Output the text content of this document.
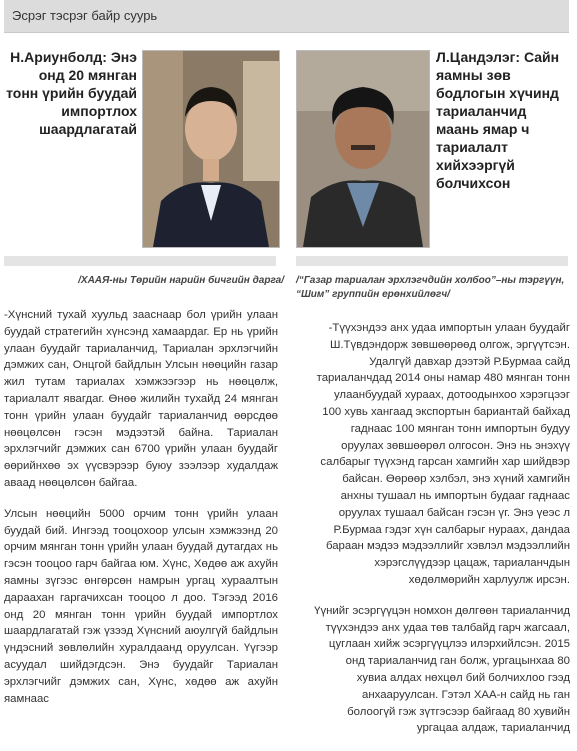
Эсрэг тэсрэг байр суурь
Н.Ариунболд: Энэ онд 20 мянган тонн үрийн буудай импортлох шаардлагатай
/ХААЯ-ны Төрийн нарийн бичгийн дарга/

-Хүнсний тухай хуульд зааснаар бол үрийн улаан буудай стратегийн хүнсэнд хамаардаг. Ер нь үрийн улаан буудайг тариаланчид, Тариалан эрхлэгчийн дэмжих сан, Онцгой байдлын Улсын нөөцийн газар жил тутам тариалах хэмжээгээр нь нөөцөлж, тариалалт явагдаг. Өнөө жилийн тухайд 24 мянган тонн үрийн улаан буудайг тариаланчид өөрсдөө нөөцөлсөн гэсэн мэдээтэй байна. Тариалан эрхлэгчийг дэмжих сан 6700 үрийн улаан буудайг өөрийнхөө эх үүсвэрээр буюу зээлээр худалдаж аваад нөөцөлсөн байгаа.

Улсын нөөцийн 5000 орчим тонн үрийн улаан буудай бий. Ингээд тооцохоор улсын хэмжээнд 20 орчим мянган тонн үрийн улаан буудай дутагдах нь гэсэн тооцоо гарч байгаа юм. Хүнс, Хөдөө аж ахуйн яамны зүгээс өнгөрсөн намрын ургац хураалтын дараахан гаргачихсан тооцоо л доо. Тэгээд 2016 онд 20 мянган тонн үрийн буудай импортлох шаардлагатай гэж үзээд Хүнсний аюулгүй байдлын үндэсний зөвлөлийн хуралдаанд оруулсан. Үүгээр асуудал шийдэгдсэн. Энэ буудайг Тариалан эрхлэгчийг дэмжих сан, Хүнс, хөдөө аж ахуйн яамнаас

Л.Цандэлэг: Сайн яамны зөв бодлогын хүчинд тариаланчид маань ямар ч тариалалт хийхээргүй болчихсон
/“Газар тариалан эрхлэгчдийн холбоо”–ны тэргүүн, “Шим” группийн ерөнхийлөгч/

-Түүхэндээ анх удаа импортын улаан буудайг Ш.Түвдэндорж зөвшөөрөөд олгож, эргүүтсэн. Удалгүй давхар дээтэй Р.Бурмаа сайд тариаланчдад 2014 оны намар 480 мянган тонн улаанбуудай хураах, дотоодынхоо хэрэгцээг 100 хувь хангаад экспортын бариантай байхад гаднаас 100 мянган тонн импортын будуу оруулах зөвшөөрөл олгосон. Энэ нь энэхүү салбарыг түүхэнд гарсан хамгийн хар шийдвэр байсан. Өөрөөр хэлбэл, энэ хүний хамгийн анхны тушаал нь импортын будааг гаднаас оруулах тушаал байсан гэсэн үг. Энэ үеэс л Р.Бурмаа гэдэг хүн салбарыг нураах, дандаа бараан мэдээ мэдээллийг хэвлэл мэдээллийн хэрэгслүүдээр цацаж, тариаланчдын хөдөлмөрийн харлуулж ирсэн.

Үүнийг эсэргүүцэн номхон дөлгөөн тариаланчид түүхэндээ анх удаа төв талбайд гарч жагсаал, цуглаан хийж эсэргүүцлээ илэрхийлсэн. 2015 онд тариаланчид ган болж, ургацынхаа 80 хувиа алдах нөхцөл бий болчихлоо гээд анхааруулсан. Гэтэл ХАА-н сайд нь ган болоогүй гэж зүтгэсээр байгаад 80 хувийн ургацаа алдаж, тариаланчид
